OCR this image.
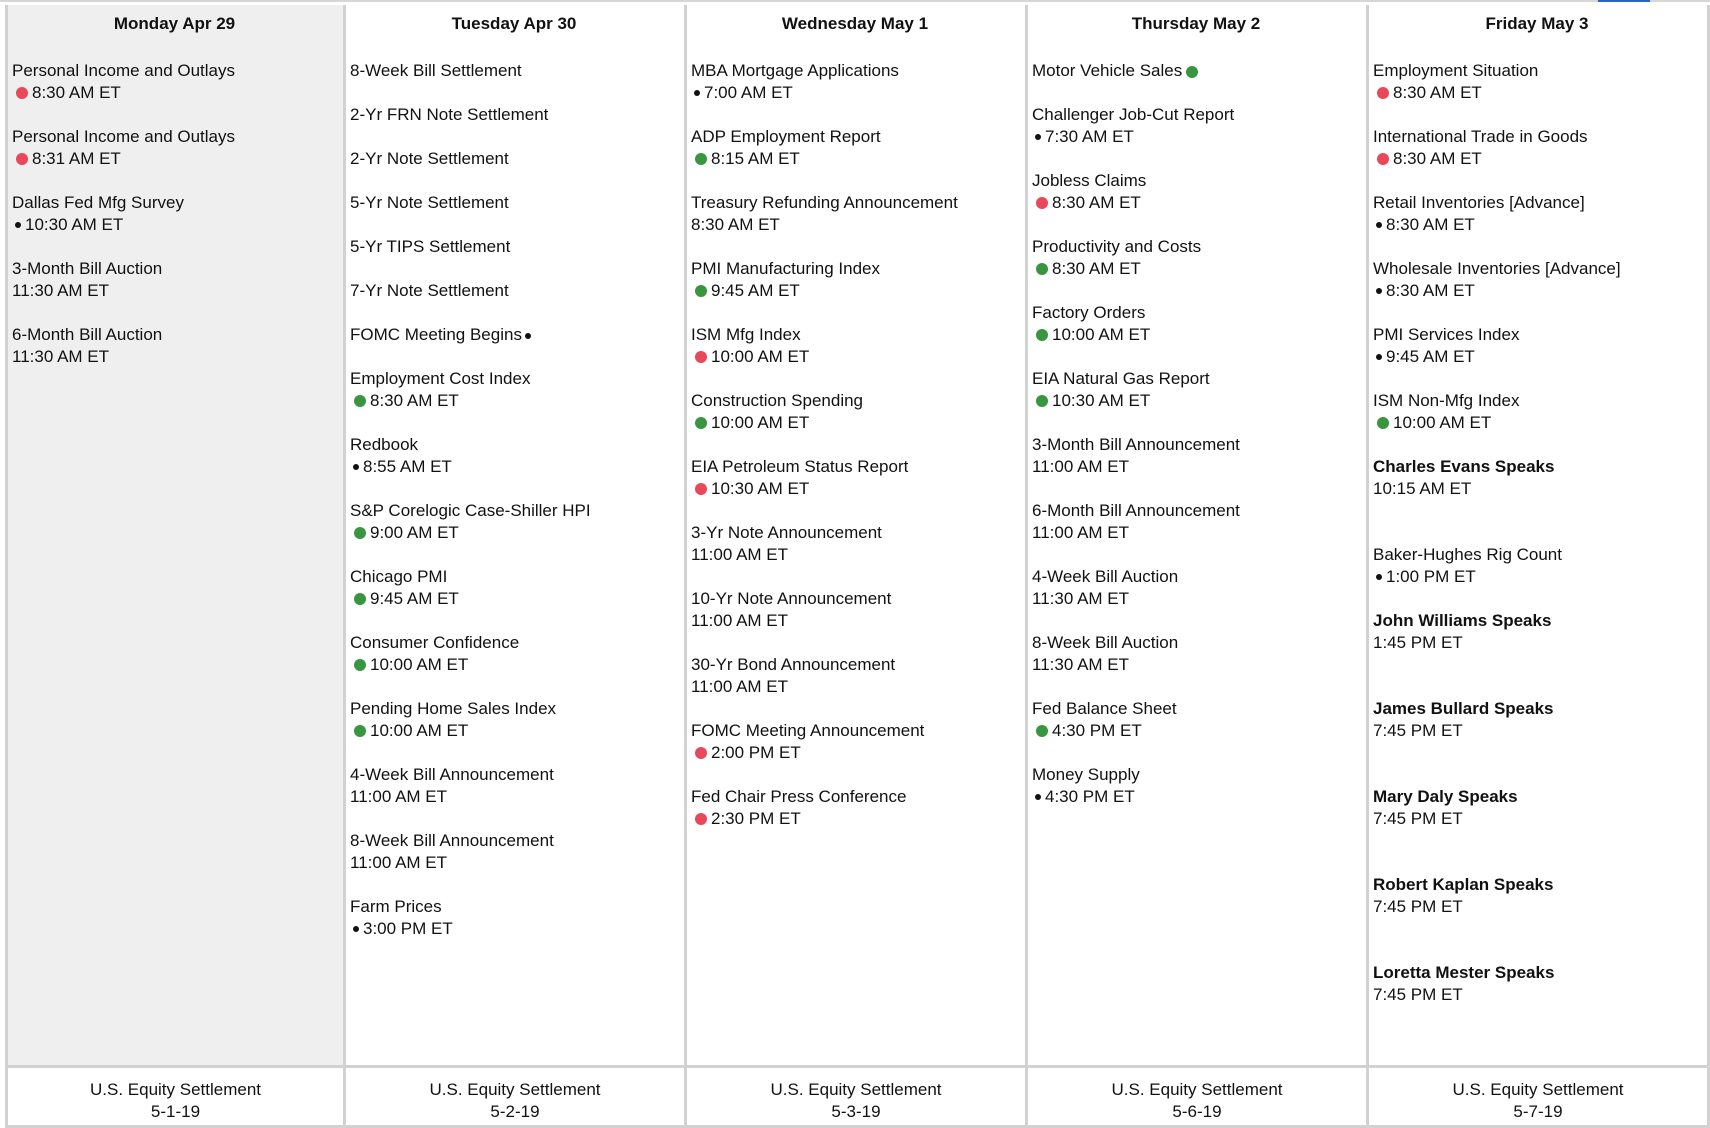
Monday Apr 29
Personal Income and Outlays
8:30 AM ET
Personal Income and Outlays
8:31 AM ET
Dallas Fed Mfg Survey
10:30 AM ET
3-Month Bill Auction
11:30 AM ET
6-Month Bill Auction
11:30 AM ET
U.S. Equity Settlement
5-1-19
Tuesday Apr 30
8-Week Bill Settlement
2-Yr FRN Note Settlement
2-Yr Note Settlement
5-Yr Note Settlement
5-Yr TIPS Settlement
7-Yr Note Settlement
FOMC Meeting Begins
Employment Cost Index
8:30 AM ET
Redbook
8:55 AM ET
S&P Corelogic Case-Shiller HPI
9:00 AM ET
Chicago PMI
9:45 AM ET
Consumer Confidence
10:00 AM ET
Pending Home Sales Index
10:00 AM ET
4-Week Bill Announcement
11:00 AM ET
8-Week Bill Announcement
11:00 AM ET
Farm Prices
3:00 PM ET
U.S. Equity Settlement
5-2-19
Wednesday May 1
MBA Mortgage Applications
7:00 AM ET
ADP Employment Report
8:15 AM ET
Treasury Refunding Announcement
8:30 AM ET
PMI Manufacturing Index
9:45 AM ET
ISM Mfg Index
10:00 AM ET
Construction Spending
10:00 AM ET
EIA Petroleum Status Report
10:30 AM ET
3-Yr Note Announcement
11:00 AM ET
10-Yr Note Announcement
11:00 AM ET
30-Yr Bond Announcement
11:00 AM ET
FOMC Meeting Announcement
2:00 PM ET
Fed Chair Press Conference
2:30 PM ET
U.S. Equity Settlement
5-3-19
Thursday May 2
Motor Vehicle Sales
Challenger Job-Cut Report
7:30 AM ET
Jobless Claims
8:30 AM ET
Productivity and Costs
8:30 AM ET
Factory Orders
10:00 AM ET
EIA Natural Gas Report
10:30 AM ET
3-Month Bill Announcement
11:00 AM ET
6-Month Bill Announcement
11:00 AM ET
4-Week Bill Auction
11:30 AM ET
8-Week Bill Auction
11:30 AM ET
Fed Balance Sheet
4:30 PM ET
Money Supply
4:30 PM ET
U.S. Equity Settlement
5-6-19
Friday May 3
Employment Situation
8:30 AM ET
International Trade in Goods
8:30 AM ET
Retail Inventories [Advance]
8:30 AM ET
Wholesale Inventories [Advance]
8:30 AM ET
PMI Services Index
9:45 AM ET
ISM Non-Mfg Index
10:00 AM ET
Charles Evans Speaks
10:15 AM ET
Baker-Hughes Rig Count
1:00 PM ET
John Williams Speaks
1:45 PM ET
James Bullard Speaks
7:45 PM ET
Mary Daly Speaks
7:45 PM ET
Robert Kaplan Speaks
7:45 PM ET
Loretta Mester Speaks
7:45 PM ET
U.S. Equity Settlement
5-7-19
